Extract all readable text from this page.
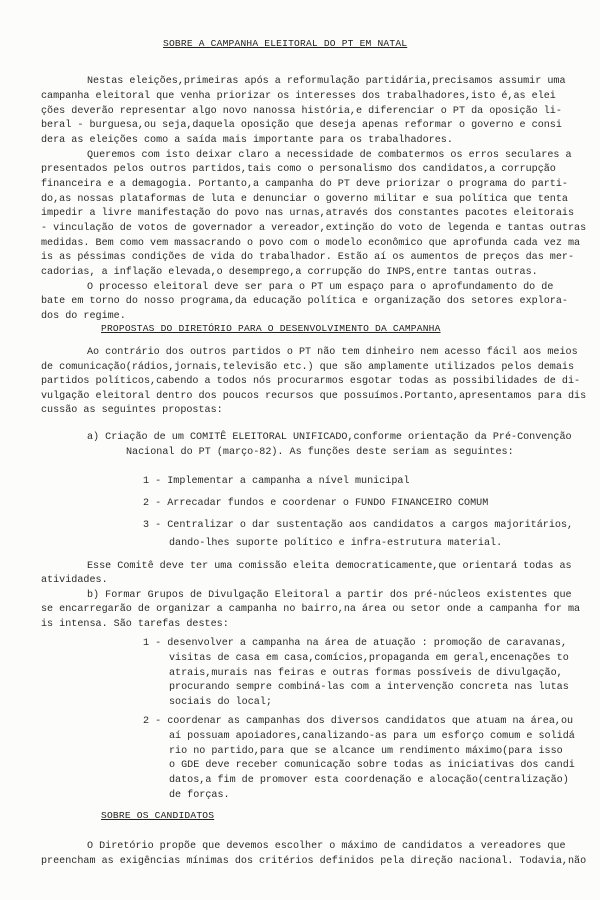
SOBRE A CAMPANHA ELEITORAL DO PT EM NATAL
Nestas eleições,primeiras após a reformulação partidária,precisamos assumir uma
campanha eleitoral que venha priorizar os interesses dos trabalhadores,isto é,as elei
ções deverão representar algo novo nanossa história,e diferenciar o PT da oposição li-
beral - burguesa,ou seja,daquela oposição que deseja apenas reformar o governo e consi
dera as eleições como a saída mais importante para os trabalhadores.
Queremos com isto deixar claro a necessidade de combatermos os erros seculares a
presentados pelos outros partidos,tais como o personalismo dos candidatos,a corrupção
financeira e a demagogia. Portanto,a campanha do PT deve priorizar o programa do parti-
do,as nossas plataformas de luta e denunciar o governo militar e sua política que tenta
impedir a livre manifestação do povo nas urnas,através dos constantes pacotes eleitorais
- vinculação de votos de governador a vereador,extinção do voto de legenda e tantas outras
medidas. Bem como vem massacrando o povo com o modelo econômico que aprofunda cada vez ma
is as péssimas condições de vida do trabalhador. Estão aí os aumentos de preços das mer-
cadorias, a inflação elevada,o desemprego,a corrupção do INPS,entre tantas outras.
O processo eleitoral deve ser para o PT um espaço para o aprofundamento do de
bate em torno do nosso programa,da educação política e organização dos setores explora-
dos do regime.
PROPOSTAS DO DIRETÓRIO PARA O DESENVOLVIMENTO DA CAMPANHA
Ao contrário dos outros partidos o PT não tem dinheiro nem acesso fácil aos meios
de comunicação(rádios,jornais,televisão etc.) que são amplamente utilizados pelos demais
partidos políticos,cabendo a todos nós procurarmos esgotar todas as possibilidades de di-
vulgação eleitoral dentro dos poucos recursos que possuímos.Portanto,apresentamos para dis
cussão as seguintes propostas:
a) Criação de um COMITÊ ELEITORAL UNIFICADO,conforme orientação da Pré-Convenção
Nacional do PT (março-82). As funções deste seriam as seguintes:
1 - Implementar a campanha a nível municipal
2 - Arrecadar fundos e coordenar o FUNDO FINANCEIRO COMUM
3 - Centralizar o dar sustentação aos candidatos a cargos majoritários,
dando-lhes suporte político e infra-estrutura material.
Esse Comitê deve ter uma comissão eleita democraticamente,que orientará todas as
atividades.
b) Formar Grupos de Divulgação Eleitoral a partir dos pré-núcleos existentes que
se encarregarão de organizar a campanha no bairro,na área ou setor onde a campanha for ma
is intensa. São tarefas destes:
1 - desenvolver a campanha na área de atuação : promoção de caravanas,
visitas de casa em casa,comícios,propaganda em geral,encenações to
atrais,murais nas feiras e outras formas possíveis de divulgação,
procurando sempre combiná-las com a intervenção concreta nas lutas
sociais do local;
2 - coordenar as campanhas dos diversos candidatos que atuam na área,ou
aí possuam apoiadores,canalizando-as para um esforço comum e solidá
rio no partido,para que se alcance um rendimento máximo(para isso
o GDE deve receber comunicação sobre todas as iniciativas dos candi
datos,a fim de promover esta coordenação e alocação(centralização)
de forças.
SOBRE OS CANDIDATOS
O Diretório propõe que devemos escolher o máximo de candidatos a vereadores que
preencham as exigências mínimas dos critérios definidos pela direção nacional. Todavia,não
